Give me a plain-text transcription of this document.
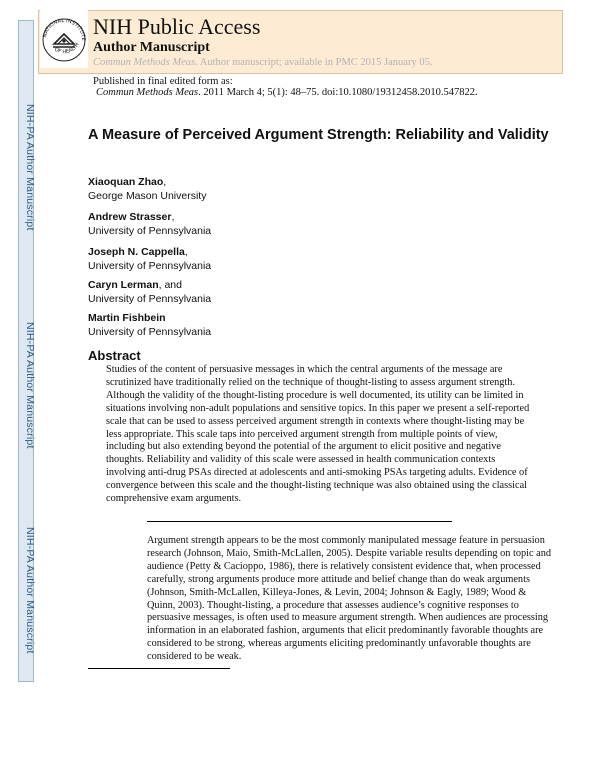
NIH-PA Author Manuscript
NIH-PA Author Manuscript
NIH-PA Author Manuscript
NATIONAL INSTITUTE
OF HEALTH
NIH Public Access
Author Manuscript
Commun Methods Meas. Author manuscript; available in PMC 2015 January 05.
Published in final edited form as:
Commun Methods Meas. 2011 March 4; 5(1): 48–75. doi:10.1080/19312458.2010.547822.
A Measure of Perceived Argument Strength: Reliability and Validity
Xiaoquan Zhao,
George Mason University
Andrew Strasser,
University of Pennsylvania
Joseph N. Cappella,
University of Pennsylvania
Caryn Lerman, and
University of Pennsylvania
Martin Fishbein
University of Pennsylvania
Abstract

Studies of the content of persuasive messages in which the central arguments of the message are scrutinized have traditionally relied on the technique of thought-listing to assess argument strength. Although the validity of the thought-listing procedure is well documented, its utility can be limited in situations involving non-adult populations and sensitive topics. In this paper we present a self-reported scale that can be used to assess perceived argument strength in contexts where thought-listing may be less appropriate. This scale taps into perceived argument strength from multiple points of view, including but also extending beyond the potential of the argument to elicit positive and negative thoughts. Reliability and validity of this scale were assessed in health communication contexts involving anti-drug PSAs directed at adolescents and anti-smoking PSAs targeting adults. Evidence of convergence between this scale and the thought-listing technique was also obtained using the classical comprehensive exam arguments.

Argument strength appears to be the most commonly manipulated message feature in persuasion research (Johnson, Maio, Smith-McLallen, 2005). Despite variable results depending on topic and audience (Petty & Cacioppo, 1986), there is relatively consistent evidence that, when processed carefully, strong arguments produce more attitude and belief change than do weak arguments (Johnson, Smith-McLallen, Killeya-Jones, & Levin, 2004; Johnson & Eagly, 1989; Wood & Quinn, 2003). Thought-listing, a procedure that assesses audience’s cognitive responses to persuasive messages, is often used to measure argument strength. When audiences are processing information in an elaborated fashion, arguments that elicit predominantly favorable thoughts are considered to be strong, whereas arguments eliciting predominantly unfavorable thoughts are considered to be weak.
